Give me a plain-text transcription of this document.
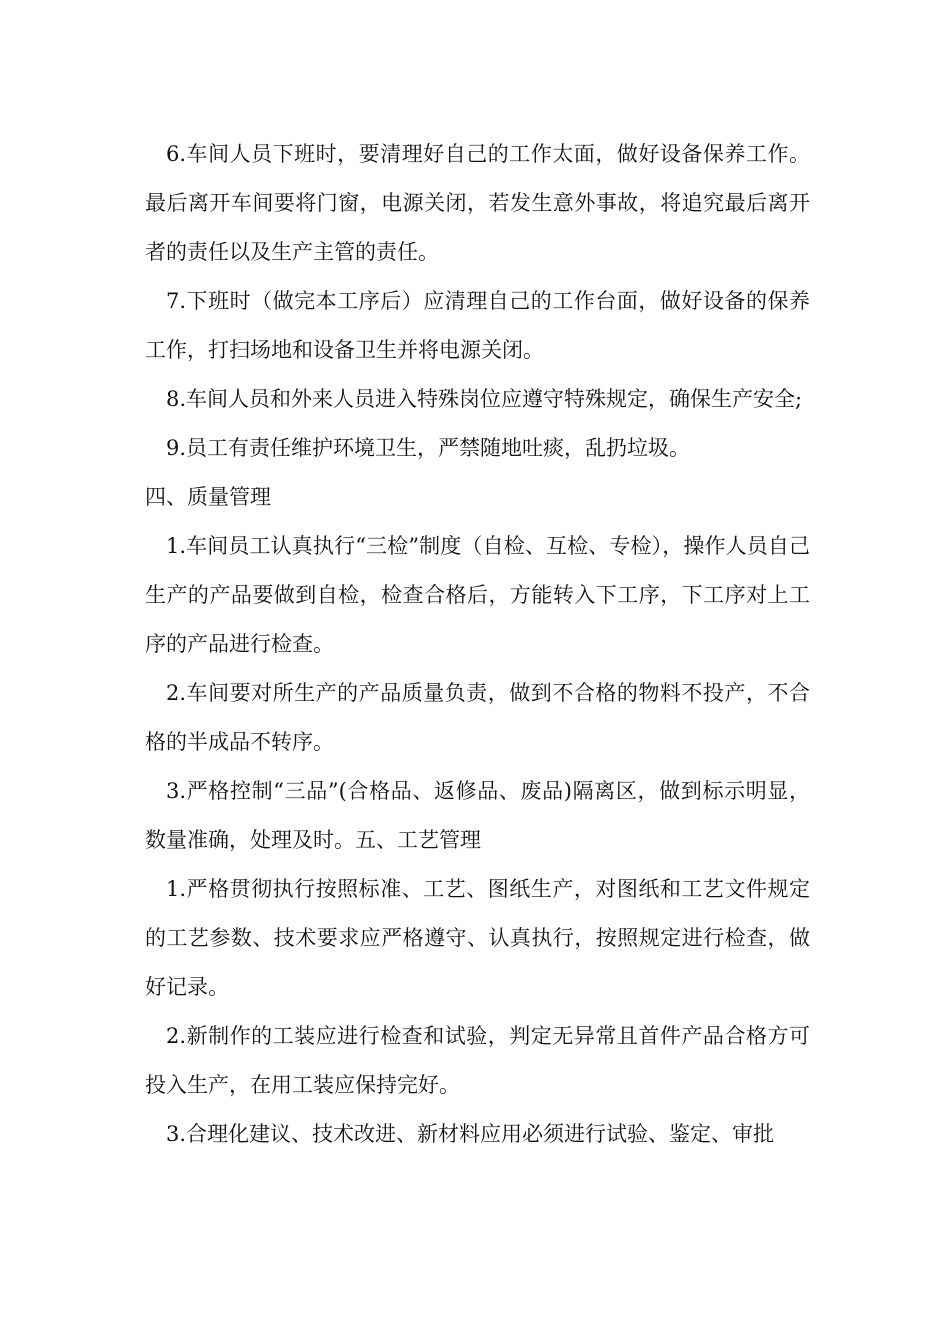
6.车间人员下班时，要清理好自己的工作太面，做好设备保养工作。最后离开车间要将门窗，电源关闭，若发生意外事故，将追究最后离开者的责任以及生产主管的责任。

7.下班时（做完本工序后）应清理自己的工作台面，做好设备的保养工作，打扫场地和设备卫生并将电源关闭。

8.车间人员和外来人员进入特殊岗位应遵守特殊规定，确保生产安全;

9.员工有责任维护环境卫生，严禁随地吐痰，乱扔垃圾。

四、质量管理

1.车间员工认真执行“三检”制度（自检、互检、专检），操作人员自己生产的产品要做到自检，检查合格后，方能转入下工序，下工序对上工序的产品进行检查。

2.车间要对所生产的产品质量负责，做到不合格的物料不投产，不合格的半成品不转序。

3.严格控制“三品”(合格品、返修品、废品)隔离区，做到标示明显，数量准确，处理及时。五、工艺管理

1.严格贯彻执行按照标准、工艺、图纸生产，对图纸和工艺文件规定的工艺参数、技术要求应严格遵守、认真执行，按照规定进行检查，做好记录。

2.新制作的工装应进行检查和试验，判定无异常且首件产品合格方可投入生产，在用工装应保持完好。

3.合理化建议、技术改进、新材料应用必须进行试验、鉴定、审批
